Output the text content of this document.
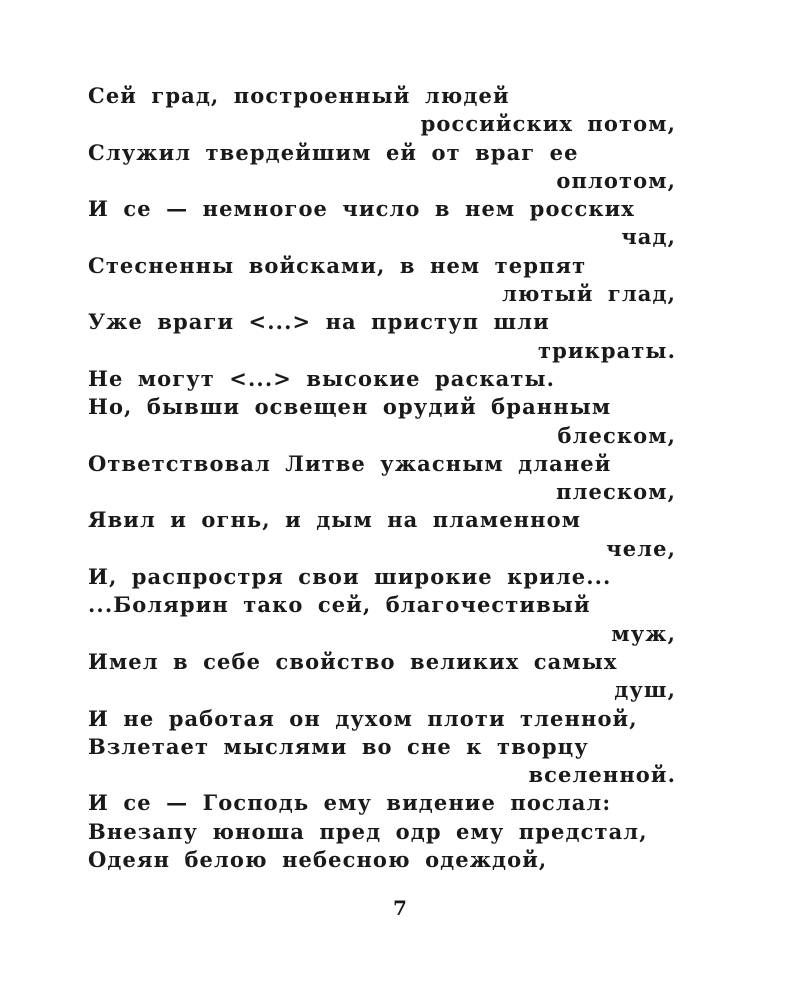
Сей град, построенный людей
российских потом,
Служил твердейшим ей от враг ее
оплотом,
И се — немногое число в нем росских
чад,
Стесненны войсками, в нем терпят
лютый глад,
Уже враги <...> на приступ шли
трикраты.
Не могут <...> высокие раскаты.
Но, бывши освещен орудий бранным
блеском,
Ответствовал Литве ужасным дланей
плеском,
Явил и огнь, и дым на пламенном
челе,
И, распростря свои широкие криле...
...Болярин тако сей, благочестивый
муж,
Имел в себе свойство великих самых
душ,
И не работая он духом плоти тленной,
Взлетает мыслями во сне к творцу
вселенной.
И се — Господь ему видение послал:
Внезапу юноша пред одр ему предстал,
Одеян белою небесною одеждой,
7
